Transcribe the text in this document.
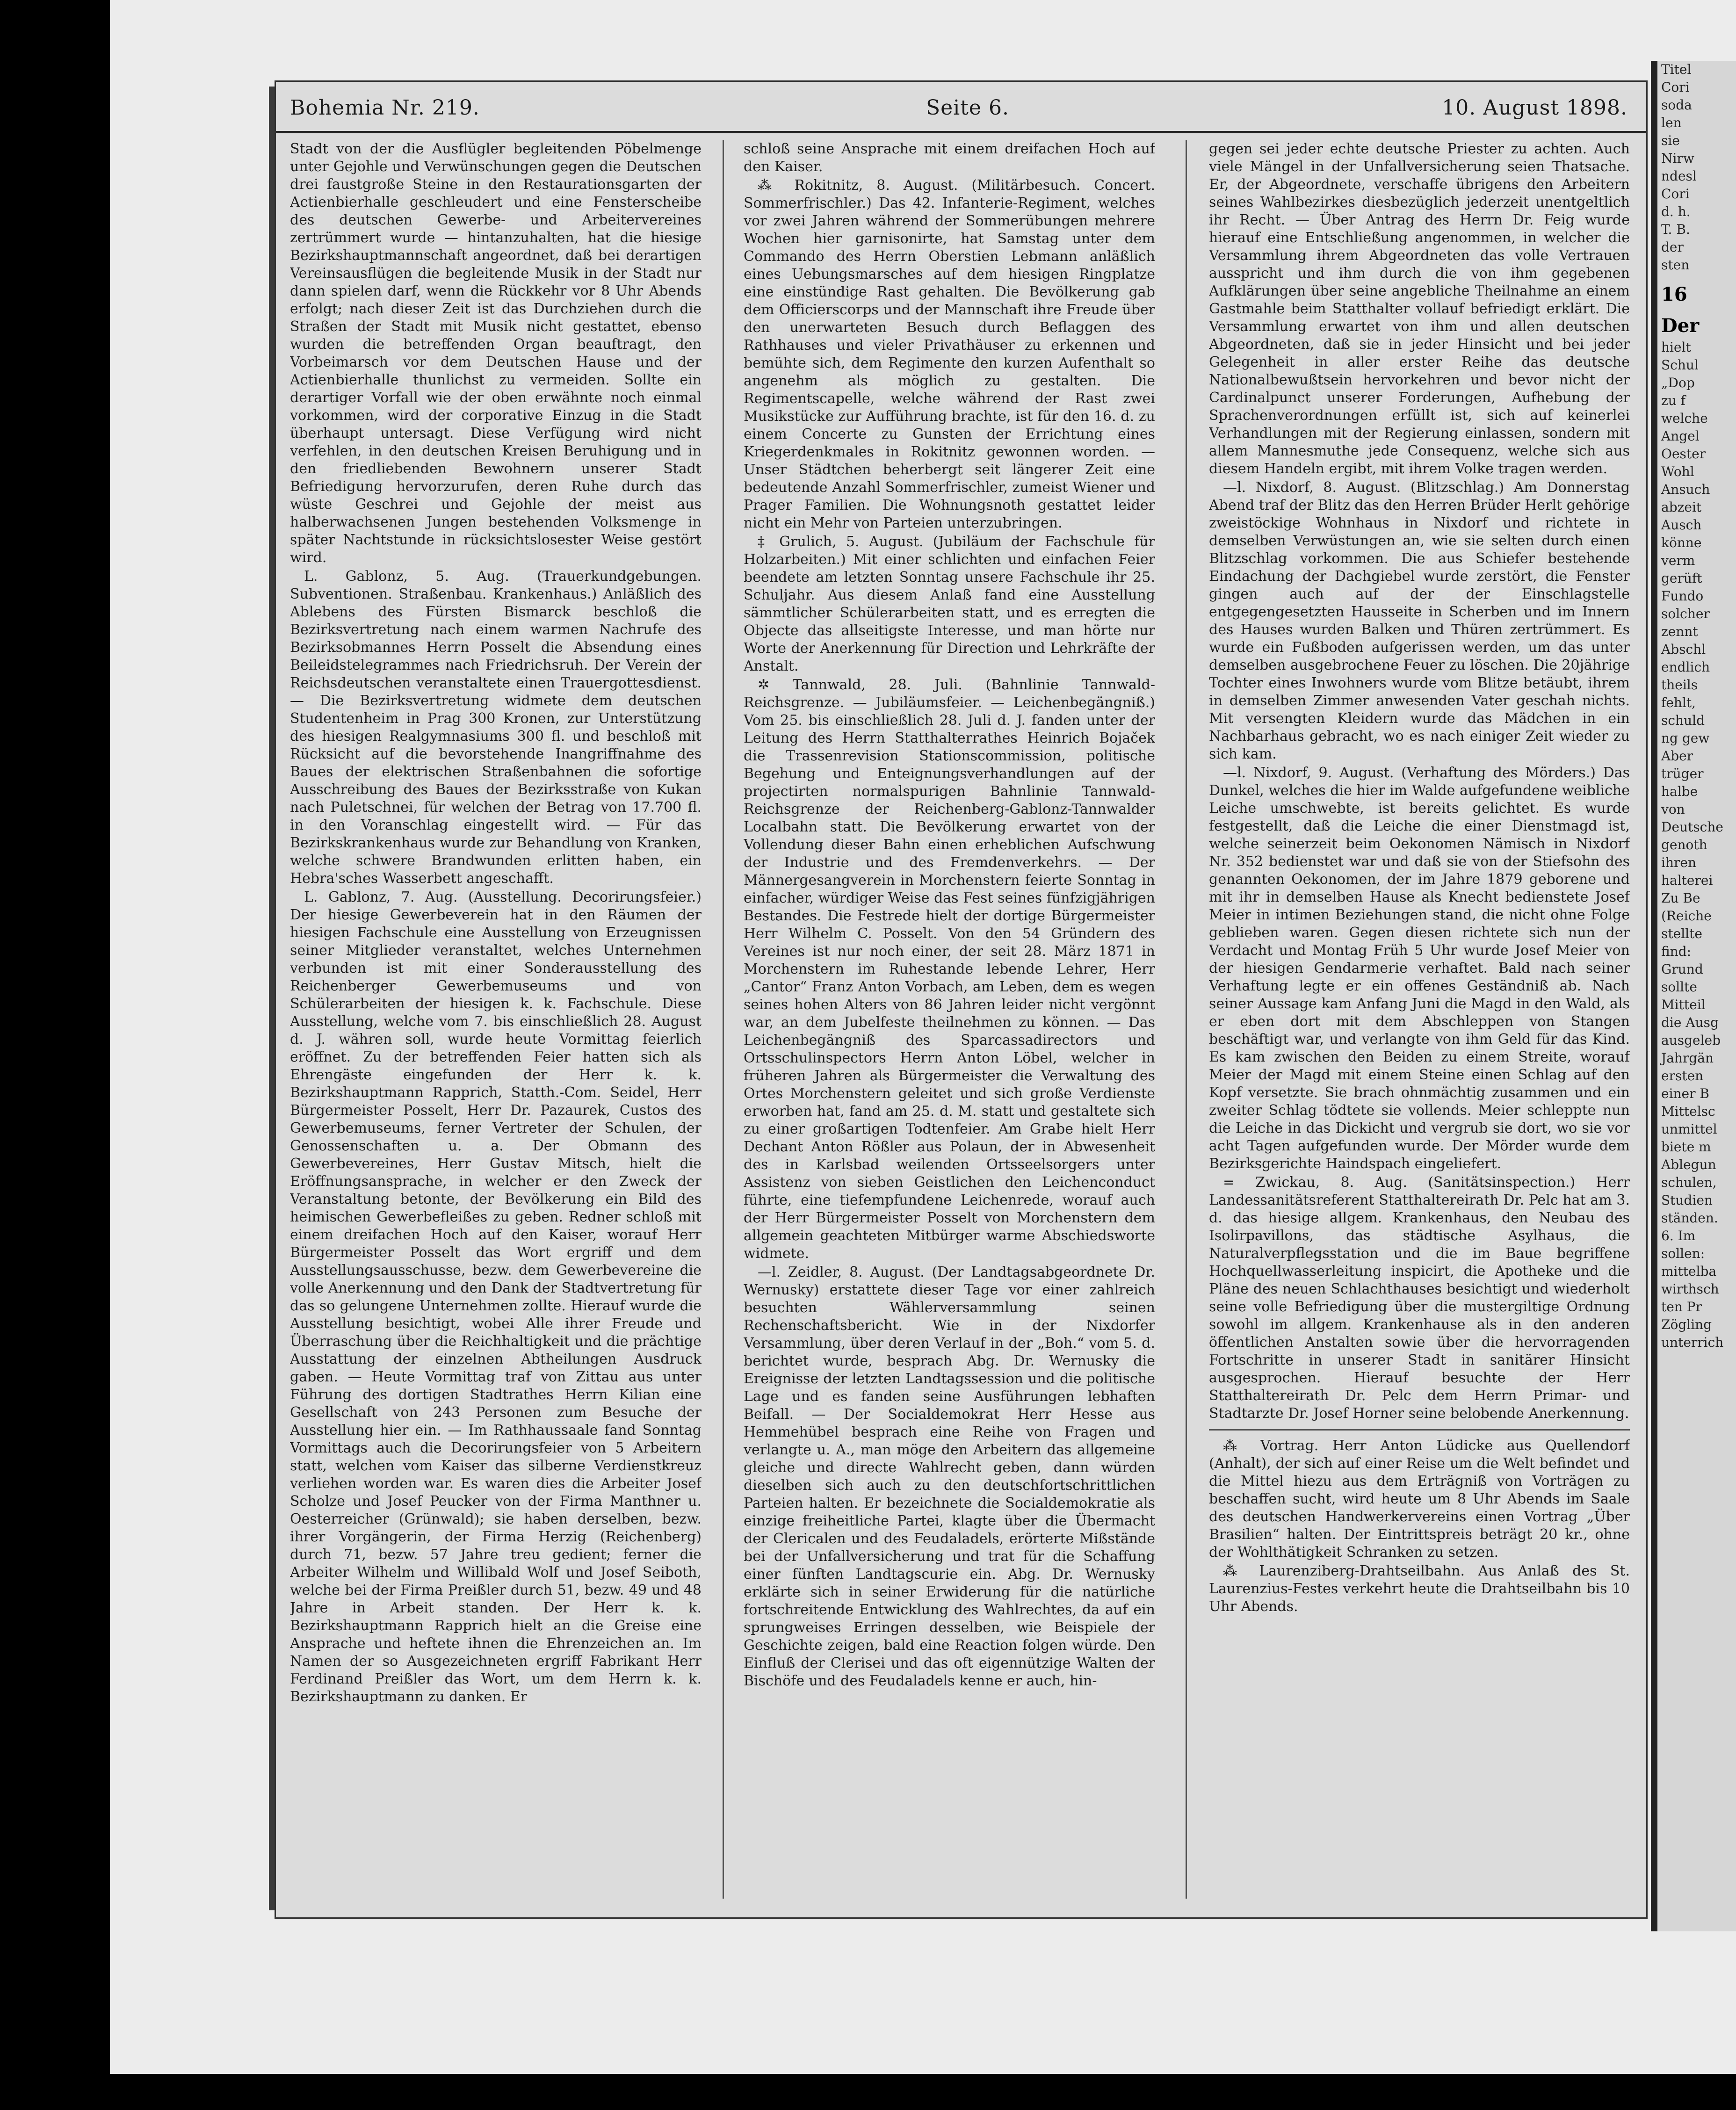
Bohemia Nr. 219.	Seite 6.	10. August 1898.

Stadt von der die Ausflügler begleitenden Pöbelmenge unter Gejohle und Verwünschungen gegen die Deutschen drei faustgroße Steine in den Restaurationsgarten der Actienbierhalle geschleudert und eine Fensterscheibe des deutschen Gewerbe- und Arbeitervereines zertrümmert wurde — hintanzuhalten, hat die hiesige Bezirkshauptmannschaft angeordnet, daß bei derartigen Vereinsausflügen die begleitende Musik in der Stadt nur dann spielen darf, wenn die Rückkehr vor 8 Uhr Abends erfolgt; nach dieser Zeit ist das Durchziehen durch die Straßen der Stadt mit Musik nicht gestattet, ebenso wurden die betreffenden Organ beauftragt, den Vorbeimarsch vor dem Deutschen Hause und der Actienbierhalle thunlichst zu vermeiden. Sollte ein derartiger Vorfall wie der oben erwähnte noch einmal vorkommen, wird der corporative Einzug in die Stadt überhaupt untersagt. Diese Verfügung wird nicht verfehlen, in den deutschen Kreisen Beruhigung und in den friedliebenden Bewohnern unserer Stadt Befriedigung hervorzurufen, deren Ruhe durch das wüste Geschrei und Gejohle der meist aus halberwachsenen Jungen bestehenden Volksmenge in später Nachtstunde in rücksichtslosester Weise gestört wird.

L. Gablonz, 5. Aug. (Trauerkundgebungen. Subventionen. Straßenbau. Krankenhaus.) Anläßlich des Ablebens des Fürsten Bismarck beschloß die Bezirksvertretung nach einem warmen Nachrufe des Bezirksobmannes Herrn Posselt die Absendung eines Beileidstelegrammes nach Friedrichsruh. Der Verein der Reichsdeutschen veranstaltete einen Trauergottesdienst. — Die Bezirksvertretung widmete dem deutschen Studentenheim in Prag 300 Kronen, zur Unterstützung des hiesigen Realgymnasiums 300 fl. und beschloß mit Rücksicht auf die bevorstehende Inangriffnahme des Baues der elektrischen Straßenbahnen die sofortige Ausschreibung des Baues der Bezirksstraße von Kukan nach Puletschnei, für welchen der Betrag von 17.700 fl. in den Voranschlag eingestellt wird. — Für das Bezirkskrankenhaus wurde zur Behandlung von Kranken, welche schwere Brandwunden erlitten haben, ein Hebra'sches Wasserbett angeschafft.

L. Gablonz, 7. Aug. (Ausstellung. Decorirungsfeier.) Der hiesige Gewerbeverein hat in den Räumen der hiesigen Fachschule eine Ausstellung von Erzeugnissen seiner Mitglieder veranstaltet, welches Unternehmen verbunden ist mit einer Sonderausstellung des Reichenberger Gewerbemuseums und von Schülerarbeiten der hiesigen k. k. Fachschule. Diese Ausstellung, welche vom 7. bis einschließlich 28. August d. J. währen soll, wurde heute Vormittag feierlich eröffnet. Zu der betreffenden Feier hatten sich als Ehrengäste eingefunden der Herr k. k. Bezirkshauptmann Rapprich, Statth.-Com. Seidel, Herr Bürgermeister Posselt, Herr Dr. Pazaurek, Custos des Gewerbemuseums, ferner Vertreter der Schulen, der Genossenschaften u. a. Der Obmann des Gewerbevereines, Herr Gustav Mitsch, hielt die Eröffnungsansprache, in welcher er den Zweck der Veranstaltung betonte, der Bevölkerung ein Bild des heimischen Gewerbefleißes zu geben. Redner schloß mit einem dreifachen Hoch auf den Kaiser, worauf Herr Bürgermeister Posselt das Wort ergriff und dem Ausstellungsausschusse, bezw. dem Gewerbevereine die volle Anerkennung und den Dank der Stadtvertretung für das so gelungene Unternehmen zollte. Hierauf wurde die Ausstellung besichtigt, wobei Alle ihrer Freude und Überraschung über die Reichhaltigkeit und die prächtige Ausstattung der einzelnen Abtheilungen Ausdruck gaben. — Heute Vormittag traf von Zittau aus unter Führung des dortigen Stadtrathes Herrn Kilian eine Gesellschaft von 243 Personen zum Besuche der Ausstellung hier ein. — Im Rathhaussaale fand Sonntag Vormittags auch die Decorirungsfeier von 5 Arbeitern statt, welchen vom Kaiser das silberne Verdienstkreuz verliehen worden war. Es waren dies die Arbeiter Josef Scholze und Josef Peucker von der Firma Manthner u. Oesterreicher (Grünwald); sie haben derselben, bezw. ihrer Vorgängerin, der Firma Herzig (Reichenberg) durch 71, bezw. 57 Jahre treu gedient; ferner die Arbeiter Wilhelm und Willibald Wolf und Josef Seiboth, welche bei der Firma Preißler durch 51, bezw. 49 und 48 Jahre in Arbeit standen. Der Herr k. k. Bezirkshauptmann Rapprich hielt an die Greise eine Ansprache und heftete ihnen die Ehrenzeichen an. Im Namen der so Ausgezeichneten ergriff Fabrikant Herr Ferdinand Preißler das Wort, um dem Herrn k. k. Bezirkshauptmann zu danken. Er

schloß seine Ansprache mit einem dreifachen Hoch auf den Kaiser.

⁂ Rokitnitz, 8. August. (Militärbesuch. Concert. Sommerfrischler.) Das 42. Infanterie-Regiment, welches vor zwei Jahren während der Sommerübungen mehrere Wochen hier garnisonirte, hat Samstag unter dem Commando des Herrn Oberstien Lebmann anläßlich eines Uebungsmarsches auf dem hiesigen Ringplatze eine einstündige Rast gehalten. Die Bevölkerung gab dem Officierscorps und der Mannschaft ihre Freude über den unerwarteten Besuch durch Beflaggen des Rathhauses und vieler Privathäuser zu erkennen und bemühte sich, dem Regimente den kurzen Aufenthalt so angenehm als möglich zu gestalten. Die Regimentscapelle, welche während der Rast zwei Musikstücke zur Aufführung brachte, ist für den 16. d. zu einem Concerte zu Gunsten der Errichtung eines Kriegerdenkmales in Rokitnitz gewonnen worden. — Unser Städtchen beherbergt seit längerer Zeit eine bedeutende Anzahl Sommerfrischler, zumeist Wiener und Prager Familien. Die Wohnungsnoth gestattet leider nicht ein Mehr von Parteien unterzubringen.

‡ Grulich, 5. August. (Jubiläum der Fachschule für Holzarbeiten.) Mit einer schlichten und einfachen Feier beendete am letzten Sonntag unsere Fachschule ihr 25. Schuljahr. Aus diesem Anlaß fand eine Ausstellung sämmtlicher Schülerarbeiten statt, und es erregten die Objecte das allseitigste Interesse, und man hörte nur Worte der Anerkennung für Direction und Lehrkräfte der Anstalt.

✲ Tannwald, 28. Juli. (Bahnlinie Tannwald-Reichsgrenze. — Jubiläumsfeier. — Leichenbegängniß.) Vom 25. bis einschließlich 28. Juli d. J. fanden unter der Leitung des Herrn Statthalterrathes Heinrich Bojaček die Trassenrevision Stationscommission, politische Begehung und Enteignungsverhandlungen auf der projectirten normalspurigen Bahnlinie Tannwald-Reichsgrenze der Reichenberg-Gablonz-Tannwalder Localbahn statt. Die Bevölkerung erwartet von der Vollendung dieser Bahn einen erheblichen Aufschwung der Industrie und des Fremdenverkehrs. — Der Männergesangverein in Morchenstern feierte Sonntag in einfacher, würdiger Weise das Fest seines fünfzigjährigen Bestandes. Die Festrede hielt der dortige Bürgermeister Herr Wilhelm C. Posselt. Von den 54 Gründern des Vereines ist nur noch einer, der seit 28. März 1871 in Morchenstern im Ruhestande lebende Lehrer, Herr „Cantor“ Franz Anton Vorbach, am Leben, dem es wegen seines hohen Alters von 86 Jahren leider nicht vergönnt war, an dem Jubelfeste theilnehmen zu können. — Das Leichenbegängniß des Sparcassadirectors und Ortsschulinspectors Herrn Anton Löbel, welcher in früheren Jahren als Bürgermeister die Verwaltung des Ortes Morchenstern geleitet und sich große Verdienste erworben hat, fand am 25. d. M. statt und gestaltete sich zu einer großartigen Todtenfeier. Am Grabe hielt Herr Dechant Anton Rößler aus Polaun, der in Abwesenheit des in Karlsbad weilenden Ortsseelsorgers unter Assistenz von sieben Geistlichen den Leichenconduct führte, eine tiefempfundene Leichenrede, worauf auch der Herr Bürgermeister Posselt von Morchenstern dem allgemein geachteten Mitbürger warme Abschiedsworte widmete.

—l. Zeidler, 8. August. (Der Landtagsabgeordnete Dr. Wernusky) erstattete dieser Tage vor einer zahlreich besuchten Wählerversammlung seinen Rechenschaftsbericht. Wie in der Nixdorfer Versammlung, über deren Verlauf in der „Boh.“ vom 5. d. berichtet wurde, besprach Abg. Dr. Wernusky die Ereignisse der letzten Landtagssession und die politische Lage und es fanden seine Ausführungen lebhaften Beifall. — Der Socialdemokrat Herr Hesse aus Hemmehübel besprach eine Reihe von Fragen und verlangte u. A., man möge den Arbeitern das allgemeine gleiche und directe Wahlrecht geben, dann würden dieselben sich auch zu den deutschfortschrittlichen Parteien halten. Er bezeichnete die Socialdemokratie als einzige freiheitliche Partei, klagte über die Übermacht der Clericalen und des Feudaladels, erörterte Mißstände bei der Unfallversicherung und trat für die Schaffung einer fünften Landtagscurie ein. Abg. Dr. Wernusky erklärte sich in seiner Erwiderung für die natürliche fortschreitende Entwicklung des Wahlrechtes, da auf ein sprungweises Erringen desselben, wie Beispiele der Geschichte zeigen, bald eine Reaction folgen würde. Den Einfluß der Clerisei und das oft eigennützige Walten der Bischöfe und des Feudaladels kenne er auch, hin-

gegen sei jeder echte deutsche Priester zu achten. Auch viele Mängel in der Unfallversicherung seien Thatsache. Er, der Abgeordnete, verschaffe übrigens den Arbeitern seines Wahlbezirkes diesbezüglich jederzeit unentgeltlich ihr Recht. — Über Antrag des Herrn Dr. Feig wurde hierauf eine Entschließung angenommen, in welcher die Versammlung ihrem Abgeordneten das volle Vertrauen ausspricht und ihm durch die von ihm gegebenen Aufklärungen über seine angebliche Theilnahme an einem Gastmahle beim Statthalter vollauf befriedigt erklärt. Die Versammlung erwartet von ihm und allen deutschen Abgeordneten, daß sie in jeder Hinsicht und bei jeder Gelegenheit in aller erster Reihe das deutsche Nationalbewußtsein hervorkehren und bevor nicht der Cardinalpunct unserer Forderungen, Aufhebung der Sprachenverordnungen erfüllt ist, sich auf keinerlei Verhandlungen mit der Regierung einlassen, sondern mit allem Mannesmuthe jede Consequenz, welche sich aus diesem Handeln ergibt, mit ihrem Volke tragen werden.

—l. Nixdorf, 8. August. (Blitzschlag.) Am Donnerstag Abend traf der Blitz das den Herren Brüder Herlt gehörige zweistöckige Wohnhaus in Nixdorf und richtete in demselben Verwüstungen an, wie sie selten durch einen Blitzschlag vorkommen. Die aus Schiefer bestehende Eindachung der Dachgiebel wurde zerstört, die Fenster gingen auch auf der der Einschlagstelle entgegengesetzten Hausseite in Scherben und im Innern des Hauses wurden Balken und Thüren zertrümmert. Es wurde ein Fußboden aufgerissen werden, um das unter demselben ausgebrochene Feuer zu löschen. Die 20jährige Tochter eines Inwohners wurde vom Blitze betäubt, ihrem in demselben Zimmer anwesenden Vater geschah nichts. Mit versengten Kleidern wurde das Mädchen in ein Nachbarhaus gebracht, wo es nach einiger Zeit wieder zu sich kam.

—l. Nixdorf, 9. August. (Verhaftung des Mörders.) Das Dunkel, welches die hier im Walde aufgefundene weibliche Leiche umschwebte, ist bereits gelichtet. Es wurde festgestellt, daß die Leiche die einer Dienstmagd ist, welche seinerzeit beim Oekonomen Nämisch in Nixdorf Nr. 352 bedienstet war und daß sie von der Stiefsohn des genannten Oekonomen, der im Jahre 1879 geborene und mit ihr in demselben Hause als Knecht bedienstete Josef Meier in intimen Beziehungen stand, die nicht ohne Folge geblieben waren. Gegen diesen richtete sich nun der Verdacht und Montag Früh 5 Uhr wurde Josef Meier von der hiesigen Gendarmerie verhaftet. Bald nach seiner Verhaftung legte er ein offenes Geständniß ab. Nach seiner Aussage kam Anfang Juni die Magd in den Wald, als er eben dort mit dem Abschleppen von Stangen beschäftigt war, und verlangte von ihm Geld für das Kind. Es kam zwischen den Beiden zu einem Streite, worauf Meier der Magd mit einem Steine einen Schlag auf den Kopf versetzte. Sie brach ohnmächtig zusammen und ein zweiter Schlag tödtete sie vollends. Meier schleppte nun die Leiche in das Dickicht und vergrub sie dort, wo sie vor acht Tagen aufgefunden wurde. Der Mörder wurde dem Bezirksgerichte Haindspach eingeliefert.

= Zwickau, 8. Aug. (Sanitätsinspection.) Herr Landessanitätsreferent Statthaltereirath Dr. Pelc hat am 3. d. das hiesige allgem. Krankenhaus, den Neubau des Isolirpavillons, das städtische Asylhaus, die Naturalverpflegsstation und die im Baue begriffene Hochquellwasserleitung inspicirt, die Apotheke und die Pläne des neuen Schlachthauses besichtigt und wiederholt seine volle Befriedigung über die mustergiltige Ordnung sowohl im allgem. Krankenhause als in den anderen öffentlichen Anstalten sowie über die hervorragenden Fortschritte in unserer Stadt in sanitärer Hinsicht ausgesprochen. Hierauf besuchte der Herr Statthaltereirath Dr. Pelc dem Herrn Primar- und Stadtarzte Dr. Josef Horner seine belobende Anerkennung.

⁂ Vortrag. Herr Anton Lüdicke aus Quellendorf (Anhalt), der sich auf einer Reise um die Welt befindet und die Mittel hiezu aus dem Erträgniß von Vorträgen zu beschaffen sucht, wird heute um 8 Uhr Abends im Saale des deutschen Handwerkervereins einen Vortrag „Über Brasilien“ halten. Der Eintrittspreis beträgt 20 kr., ohne der Wohlthätigkeit Schranken zu setzen.

⁂ Laurenziberg-Drahtseilbahn. Aus Anlaß des St. Laurenzius-Festes verkehrt heute die Drahtseilbahn bis 10 Uhr Abends.

Titel
Cori
soda
len
sie
Nirw
ndesl
Cori
d. h.
T. B.
der
sten
16
Der
hielt
Schul
„Dop
zu f
welche
Angel
Oester
Wohl
Ansuch
abzeit
Ausch
könne
verm
gerüft
Fundo
solcher
zennt
Abschl
endlich
theils
fehlt,
schuld
ng gew
Aber
trüger
halbe
von
Deutsche
genoth
ihren
halterei
Zu Be
(Reiche
stellte
find:
Grund
sollte
Mitteil
die Ausg
ausgeleb
Jahrgän
ersten
einer B
Mittelsc
unmittel
biete m
Ablegun
schulen,
Studien
ständen.
6. Im
sollen:
mittelba
wirthsch
ten Pr
Zögling
unterrich
